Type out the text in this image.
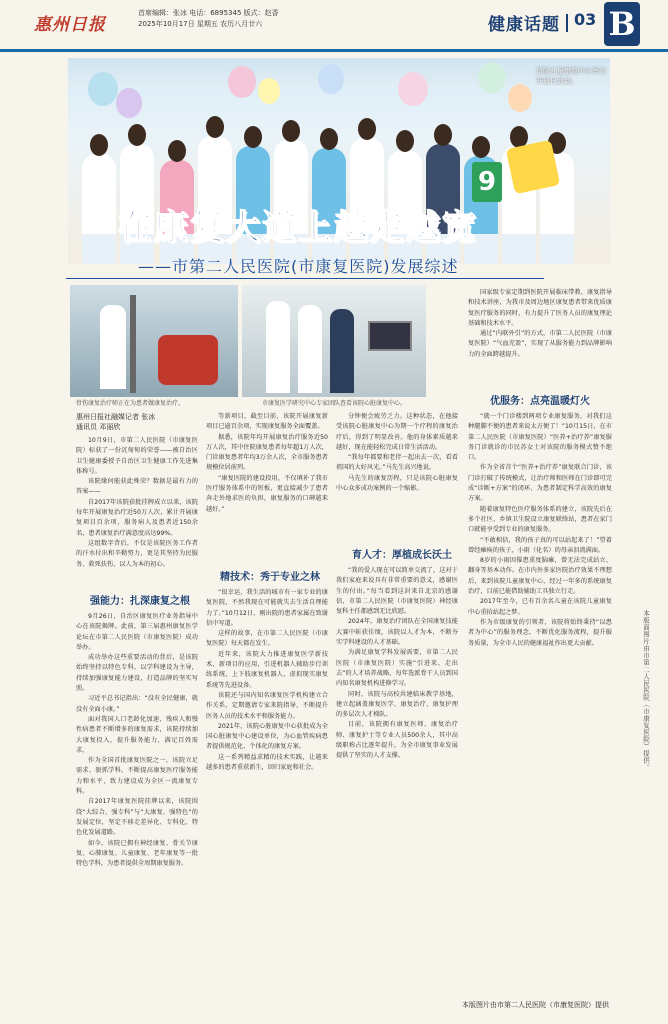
惠州日报
首席编辑：张冰 电话：6895345 版式：赵香
2025年10月17日 星期五 农历八月廿六	健康话题 03 B
9
该院儿童康复中心举办开放日活动。
在康复大道上越走越宽
——市第二人民医院(市康复医院)发展综述
骨伤康复治疗师正在为患者做康复治疗。	市康复医学研究中心专家团队查看该院心脏康复中心。
惠州日报社融媒记者 张冰
通讯员 邓丽欣

10月9日，市第二人民医院（市康复医院）标获了一份沉甸甸的荣誉——被自治区卫生健康委授予自治区卫生健康工作先进集体称号。

该院缘何能获此殊荣？数据是最有力的答案——

自2017年该院获批挂牌成立以来，该院每年开展康复治疗近50万人次，累计开展康复项目百余项，服务病人及患者近150余名，患者康复治疗满意度高达99%。

这组数字背后，不仅是该院医务工作者的汗水付出和辛勤努力，更是其坚持为民服务、救死扶伤、以人为本的初心。

强能力：扎深康复之根

9月26日，自治区康复医疗业务指导中心在该院揭牌。此前，第三届惠州康复医学论坛在市第二人民医院（市康复医院）成功举办。

成功举办这些重要活动的背后，是该院始终坚持以特色专科、以学科建设为主导，持续加强康复能力建设，打造品牌的坚实写照。

习近平总书记指出：“没有全民健康，就没有全面小康。”

面对我国人口老龄化加速、残疾人和慢性病患者不断增多的康复需求，该院持续加大康复投入，提升服务能力，满足百姓需求。

作为全国首批康复医院之一，该院立足需求、狠抓学科，不断提高康复医疗服务能力和水平，致力建设成为全区一流康复专科。

自2017年康复医院挂牌以来，该院围绕“大综合、强专科”与“大康复、强特色”的发展定位，坚定不移走差异化、专科化、特色化发展道路。

如今，该院已拥有神经康复、骨关节康复、心肺康复、儿童康复、老年康复等一批特色学科，为患者提供全周期康复服务。

等新项目，截至目前，该院开展康复新项目已逾百余项，实现康复服务全面覆盖。

据悉，该院年均开展康复治疗服务近50万人次，其中住院康复患者每年超1万人次，门诊康复患者年均3万余人次，全市服务患者规模位居前列。

“康复医院的建设投用，不仅填补了我市医疗服务体系中的短板，更直接减少了患者奔走外地求医的负担，康复服务的口碑越来越好。”

精技术：秀于专业之林

“很幸运，我生活的城市有一家专业的康复医院，不然我现在可能就失去生活自理能力了。”10月12日，刚出院的患者家属在致谢信中写道。

这样的故事，在市第二人民医院（市康复医院）每天都在发生。

近年来，该院大力推进康复医学新技术、新项目的应用，引进机器人辅助步行训练系统、上下肢康复机器人、虚拟现实康复系统等先进设备。

该院还与国内知名康复医学机构建立合作关系，定期邀请专家来院指导，不断提升医务人员的技术水平和服务能力。

2021年，该院心脏康复中心获批成为全国心脏康复中心建设单位，为心血管疾病患者提供规范化、个体化的康复方案。

这一系列精益求精的技术实践，让越来越多的患者重获新生，回归家庭和社会。

分钟便会疲劳乏力。这种状态，在他接受该院心脏康复中心为期一个疗程的康复治疗后，得到了明显改善。他的身体素质越来越好，现在能轻松完成日常生活活动。

“我每年都要和老伴一起出去一次，看看祖国的大好风光。”马先生高兴地说。

马先生的康复历程，只是该院心脏康复中心众多成功案例的一个缩影。

育人才：厚植成长沃土

“我的爱人现在可以简单交流了，这对于我们家庭来说具有非常重要的意义，感谢医生的付出。”每当看到这封来自北京的感谢信，市第二人民医院（市康复医院）神经康复科主任都感到无比欣慰。

2024年，康复治疗团队在全国康复技能大赛中斩获佳绩，该院以人才为本，不断夯实学科建设的人才基础。

为满足康复学科发展需要，市第二人民医院（市康复医院）实施“引进来、走出去”的人才培养战略，每年选派骨干人员到国内知名康复机构进修学习。

同时，该院与高校共建临床教学基地，建立起涵盖康复医学、康复治疗、康复护理的多层次人才梯队。

目前，该院拥有康复医师、康复治疗师、康复护士等专业人员500余人，其中高级职称占比逐年提升，为全市康复事业发展提供了坚实的人才支撑。

国家级专家定期到医院开展临床带教、康复指导和技术讲座，为我市及周边地区康复患者带来优质康复医疗服务的同时，有力提升了医务人员的康复理论基础和技术水平。

通过“内联外引”的方式，市第二人民医院（市康复医院）“气血充盈”，实现了从服务能力到品牌影响力的全面跨越提升。

优服务：点亮温暖灯火

“就一个门诊楼到两项专业康复服务，对我们这种腿脚不便的患者来说太方便了！”10月15日，在市第二人民医院（市康复医院）“医养+治疗养”康复服务门诊就诊的市民苏女士对该院的服务模式赞不绝口。

作为全省首个“医养+治疗养”康复联合门诊，该门诊打破了传统模式，让治疗师和医师在门诊即可完成“诊断+方案”的闭环，为患者制定科学高效的康复方案。

随着康复特色医疗服务体系的建立，该院先后在多个社区、乡镇卫生院设立康复联络站，患者在家门口就能享受到专业的康复服务。

“不敢相信，我的孩子真的可以站起来了！”望着曾经瘫痪的孩子，小雨（化名）的母亲泪流满面。

8岁的小雨因罹患重度脑瘫，曾无法完成站立、翻身等基本动作。在市内外多家医院治疗效果不理想后，来到该院儿童康复中心，经过一年多的系统康复治疗，目前已能借助辅助工具独立行走。

2017年至今，已有百余名儿童在该院儿童康复中心重拾站起之梦。

作为市级康复的引领者，该院将始终秉持“以患者为中心”的服务理念，不断优化服务流程，提升服务质量，为全市人民的健康福祉作出更大贡献。	本版面图片由市第二人民医院（市康复医院）提供。
本版图片由市第二人民医院（市康复医院）提供
